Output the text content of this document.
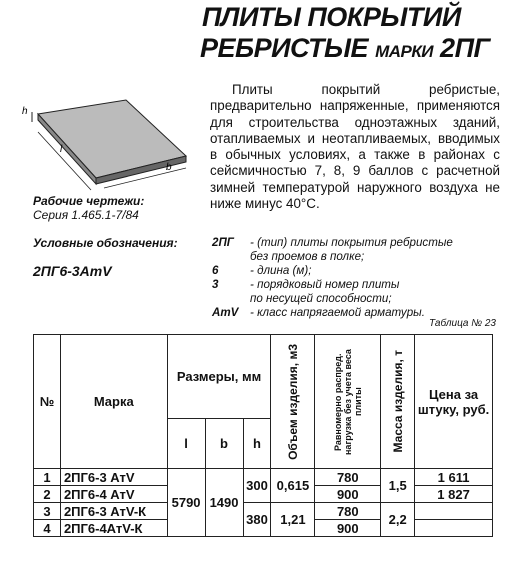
ПЛИТЫ ПОКРЫТИЙ
РЕБРИСТЫЕ МАРКИ 2ПГ
h
l
b
Плиты покрытий ребристые, предварительно напряженные, применяются для строительства одноэтажных зданий, отапливаемых и неотапливаемых, вводимых в обычных условиях, а также в районах с сейсмичностью 7, 8, 9 баллов с расчетной зимней температурой наружного воздуха не ниже минус 40°С.
Рабочие чертежи:
Серия 1.465.1-7/84
Условные обозначения:
2ПГ6-3АтV
2ПГ - (тип) плиты покрытия ребристые
без проемов в полке;
6	- длина (м);
3	- порядковый номер плиты
по несущей способности;
АтV - класс напрягаемой арматуры.
Таблица № 23
№	Марка	Размеры, мм			Объем изделия, м3	Равномерно распред. нагрузка без учета веса плиты	Масса изделия, т	Цена за штуку, руб.
		l	b	h				
1	2ПГ6-3 АтV	5790	1490	300	0,615	780	1,5	1 611
2	2ПГ6-4 АтV					900		1 827
3	2ПГ6-3 АтV-К			380	1,21	780	2,2	
4	2ПГ6-4АтV-К					900		
